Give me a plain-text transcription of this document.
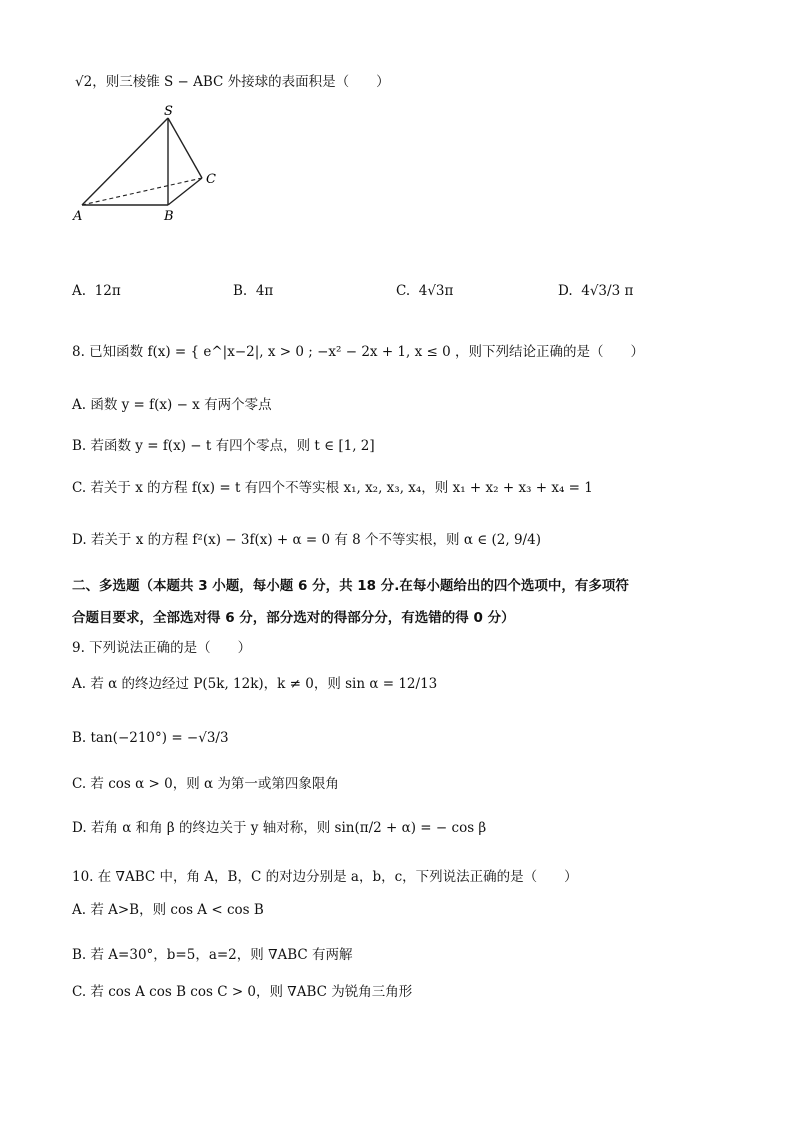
√2，则三棱锥 S − ABC 外接球的表面积是（　　）
S
A	B
C
A. 12π	B. 4π	C. 4√3π	D. 4√3/3 π
8. 已知函数 f(x) = { e^|x−2|, x > 0 ; −x² − 2x + 1, x ≤ 0 ，则下列结论正确的是（　　）
A. 函数 y = f(x) − x 有两个零点
B. 若函数 y = f(x) − t 有四个零点，则 t ∈ [1, 2]
C. 若关于 x 的方程 f(x) = t 有四个不等实根 x₁, x₂, x₃, x₄，则 x₁ + x₂ + x₃ + x₄ = 1
D. 若关于 x 的方程 f²(x) − 3f(x) + α = 0 有 8 个不等实根，则 α ∈ (2, 9/4)
二、多选题（本题共 3 小题，每小题 6 分，共 18 分.在每小题给出的四个选项中，有多项符
合题目要求，全部选对得 6 分，部分选对的得部分分，有选错的得 0 分）
9. 下列说法正确的是（　　）
A. 若 α 的终边经过 P(5k, 12k)，k ≠ 0，则 sin α = 12/13
B. tan(−210°) = −√3/3
C. 若 cos α > 0，则 α 为第一或第四象限角
D. 若角 α 和角 β 的终边关于 y 轴对称，则 sin(π/2 + α) = − cos β
10. 在 ∇ABC 中，角 A，B，C 的对边分别是 a，b，c，下列说法正确的是（　　）
A. 若 A>B，则 cos A < cos B
B. 若 A=30°，b=5，a=2，则 ∇ABC 有两解
C. 若 cos A cos B cos C > 0，则 ∇ABC 为锐角三角形
